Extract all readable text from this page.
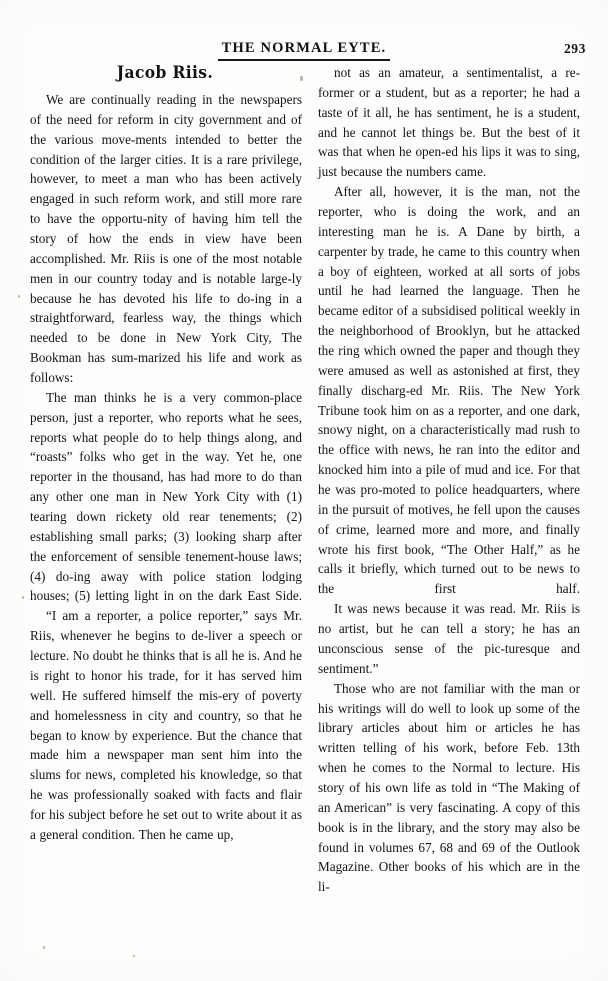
THE NORMAL EYTE.	293
Jacob Riis.

We are continually reading in the newspapers of the need for reform in city government and of the various move-ments intended to better the condition of the larger cities. It is a rare privilege, however, to meet a man who has been actively engaged in such reform work, and still more rare to have the opportu-nity of having him tell the story of how the ends in view have been accomplished. Mr. Riis is one of the most notable men in our country today and is notable large-ly because he has devoted his life to do-ing in a straightforward, fearless way, the things which needed to be done in New York City, The Bookman has sum-marized his life and work as follows:

The man thinks he is a very common-place person, just a reporter, who reports what he sees, reports what people do to help things along, and “roasts” folks who get in the way. Yet he, one reporter in the thousand, has had more to do than any other one man in New York City with (1) tearing down rickety old rear tenements; (2) establishing small parks; (3) looking sharp after the enforcement of sensible tenement-house laws; (4) do-ing away with police station lodging houses; (5) letting light in on the dark East Side.

“I am a reporter, a police reporter,” says Mr. Riis, whenever he begins to de-liver a speech or lecture. No doubt he thinks that is all he is. And he is right to honor his trade, for it has served him well. He suffered himself the mis-ery of poverty and homelessness in city and country, so that he began to know by experience. But the chance that made him a newspaper man sent him into the slums for news, completed his knowledge, so that he was professionally soaked with facts and flair for his subject before he set out to write about it as a general condition. Then he came up,

not as an amateur, a sentimentalist, a re-former or a student, but as a reporter; he had a taste of it all, he has sentiment, he is a student, and he cannot let things be. But the best of it was that when he open-ed his lips it was to sing, just because the numbers came.

After all, however, it is the man, not the reporter, who is doing the work, and an interesting man he is. A Dane by birth, a carpenter by trade, he came to this country when a boy of eighteen, worked at all sorts of jobs until he had learned the language. Then he became editor of a subsidised political weekly in the neighborhood of Brooklyn, but he attacked the ring which owned the paper and though they were amused as well as astonished at first, they finally discharg-ed Mr. Riis. The New York Tribune took him on as a reporter, and one dark, snowy night, on a characteristically mad rush to the office with news, he ran into the editor and knocked him into a pile of mud and ice. For that he was pro-moted to police headquarters, where in the pursuit of motives, he fell upon the causes of crime, learned more and more, and finally wrote his first book, “The Other Half,” as he calls it briefly, which turned out to be news to the first half.

It was news because it was read. Mr. Riis is no artist, but he can tell a story; he has an unconscious sense of the pic-turesque and sentiment.”

Those who are not familiar with the man or his writings will do well to look up some of the library articles about him or articles he has written telling of his work, before Feb. 13th when he comes to the Normal to lecture. His story of his own life as told in “The Making of an American” is very fascinating. A copy of this book is in the library, and the story may also be found in volumes 67, 68 and 69 of the Outlook Magazine. Other books of his which are in the li-
